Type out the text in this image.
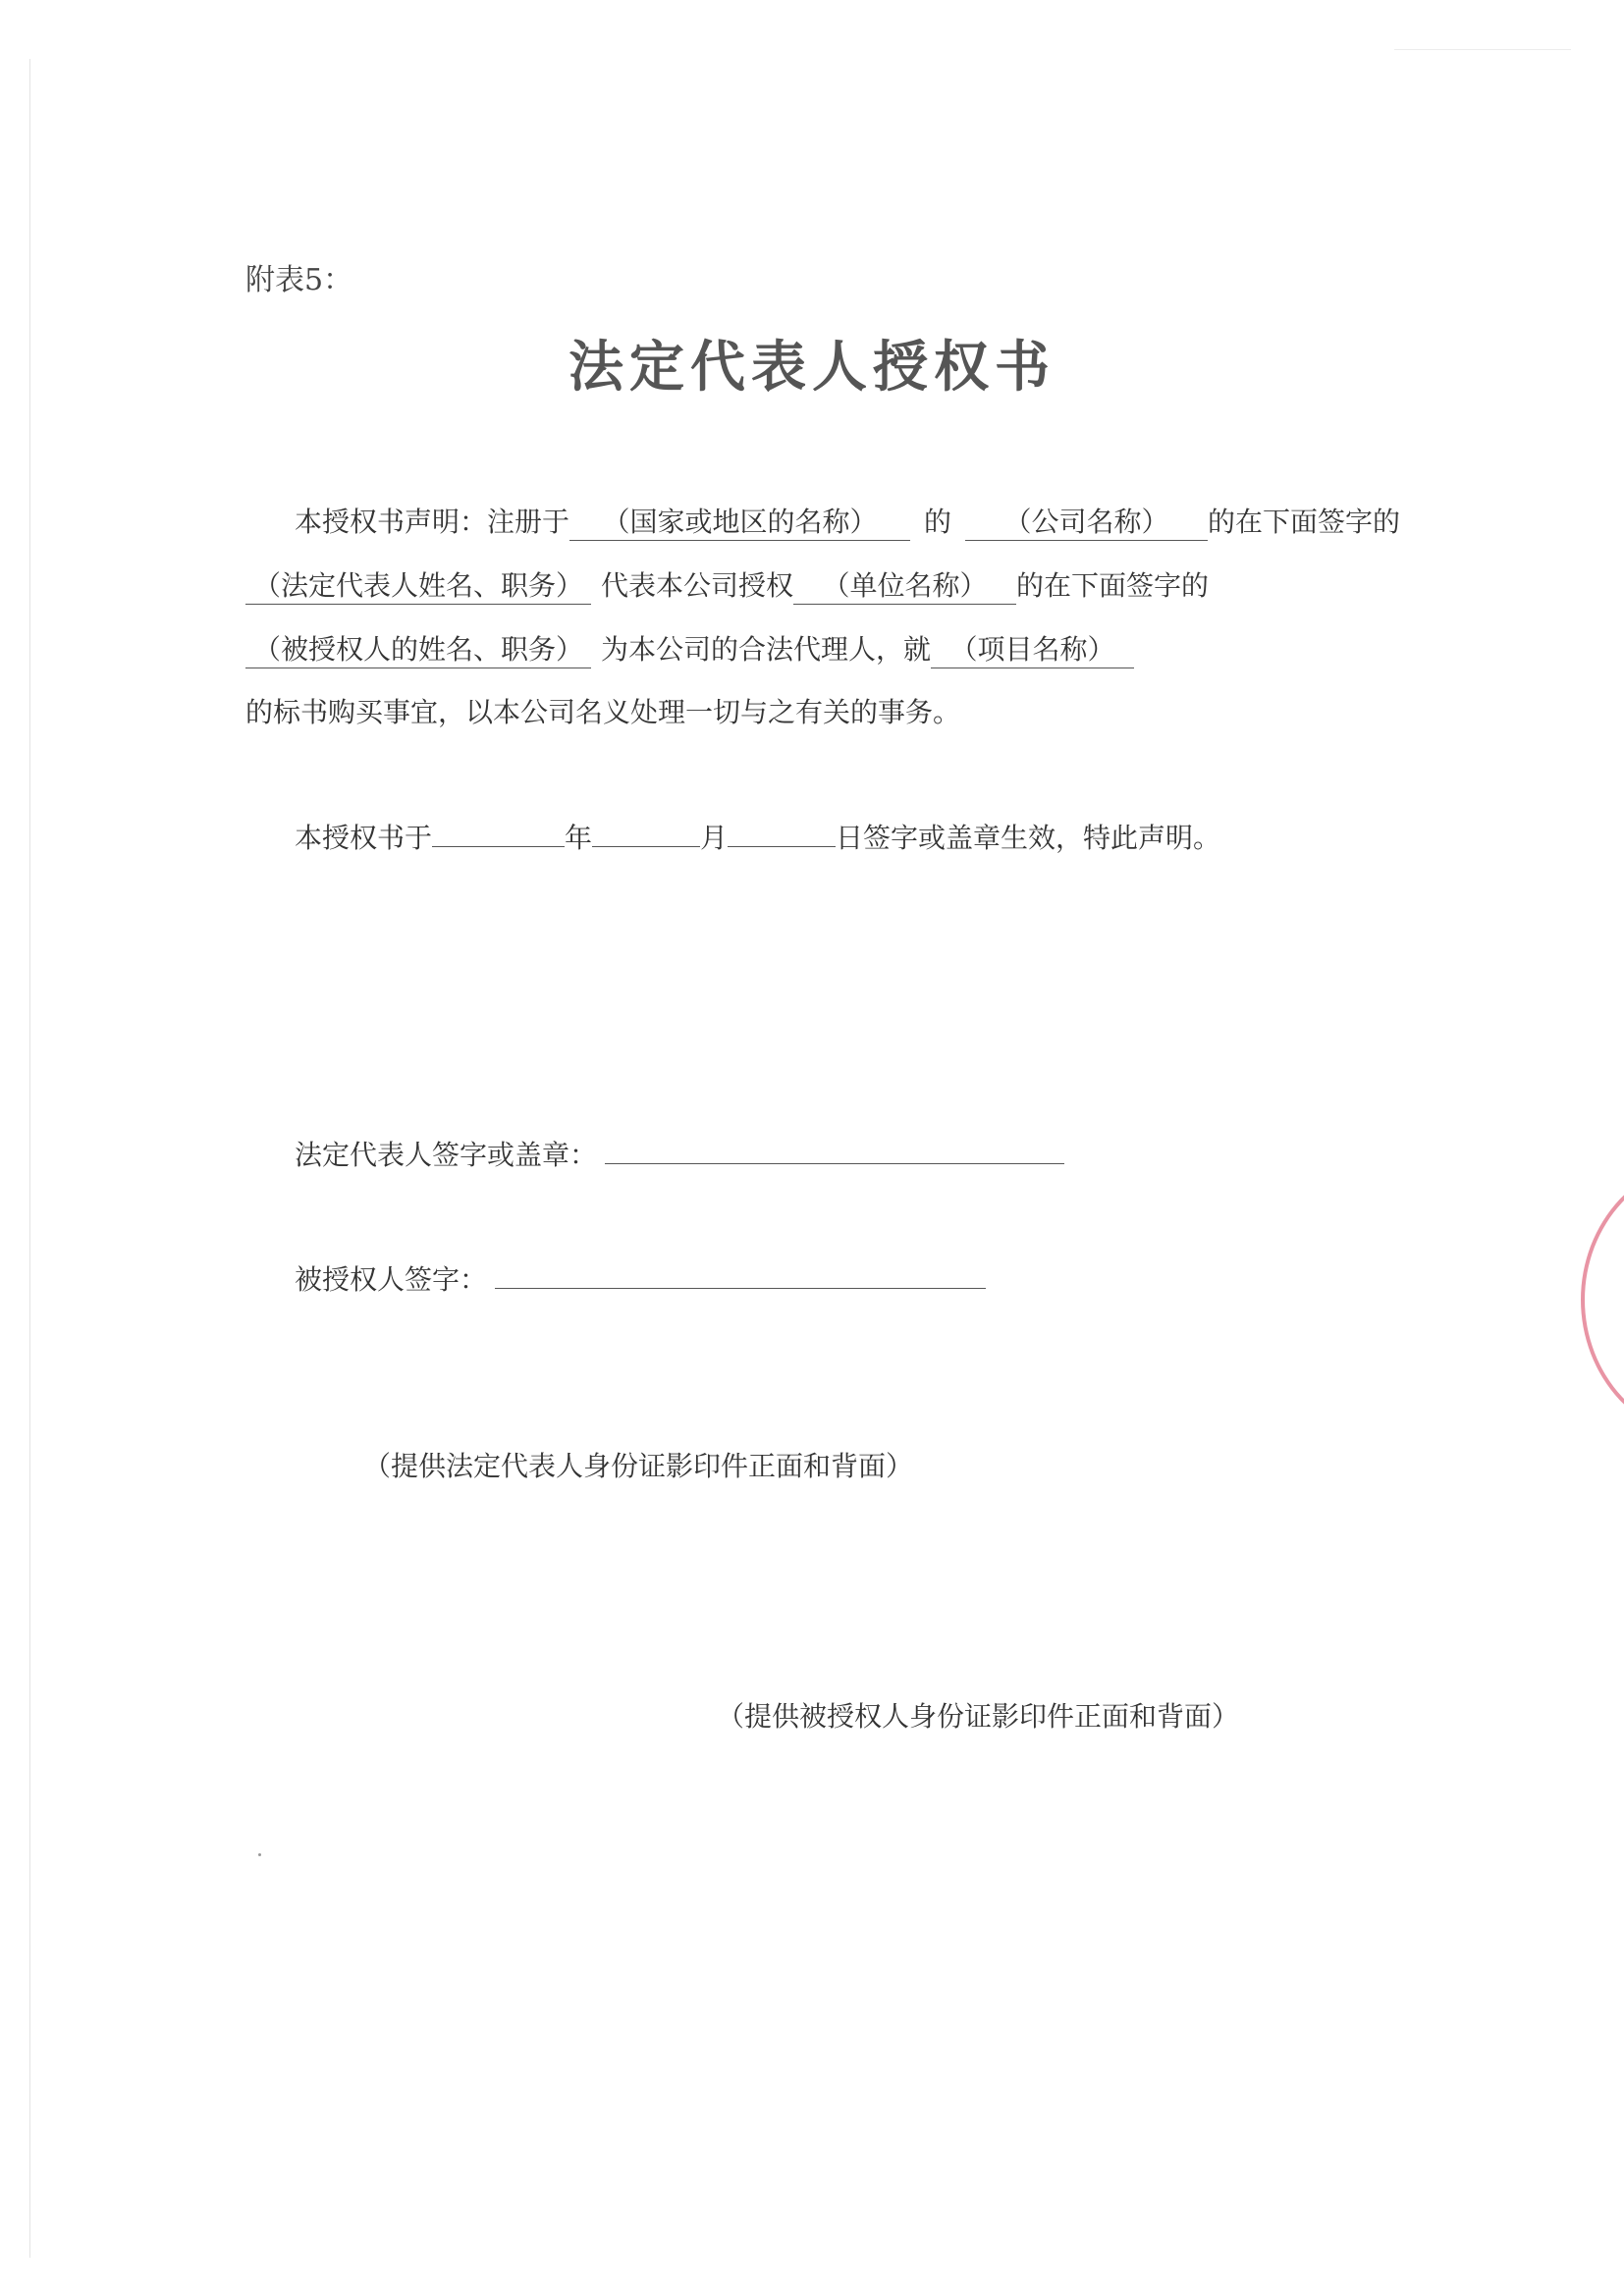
附表5：
法定代表人授权书
本授权书声明：注册于 （国家或地区的名称） 的 （公司名称） 的在下面签字的
（法定代表人姓名、职务） 代表本公司授权 （单位名称） 的在下面签字的
（被授权人的姓名、职务） 为本公司的合法代理人，就 （项目名称）
的标书购买事宜，以本公司名义处理一切与之有关的事务。
本授权书于	年	月	日签字或盖章生效，特此声明。
法定代表人签字或盖章：
被授权人签字：
（提供法定代表人身份证影印件正面和背面）
（提供被授权人身份证影印件正面和背面）
